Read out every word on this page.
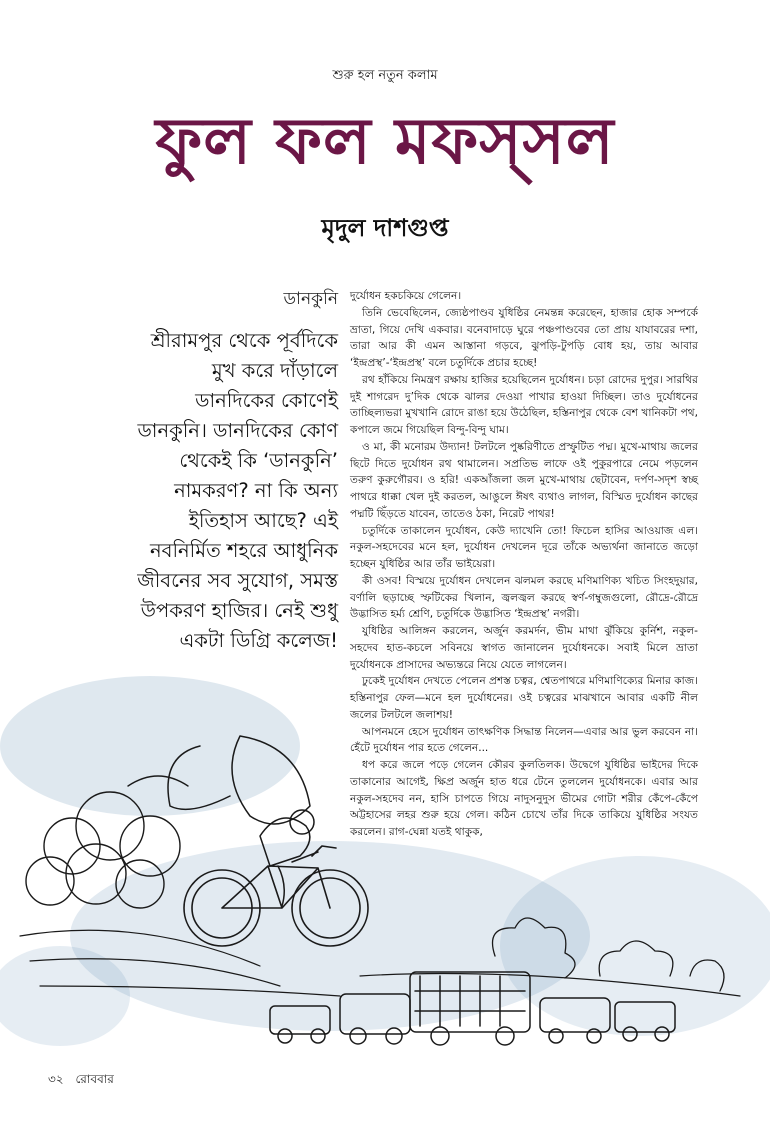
শুরু হল নতুন কলাম
ফুল ফল মফস্‌সল
মৃদুল দাশগুপ্ত
ডানকুনি
শ্রীরামপুর থেকে পূর্বদিকে মুখ করে দাঁড়ালে ডানদিকের কোণেই ডানকুনি। ডানদিকের কোণ থেকেই কি ‘ডানকুনি’ নামকরণ? না কি অন্য ইতিহাস আছে? এই নবনির্মিত শহরে আধুনিক জীবনের সব সুযোগ, সমস্ত উপকরণ হাজির। নেই শুধু একটা ডিগ্রি কলেজ!

দুর্যোধন হকচকিয়ে গেলেন।

তিনি ভেবেছিলেন, জ্যেষ্ঠপাণ্ডব যুধিষ্ঠির নেমন্তন্ন করেছেন, হাজার হোক সম্পর্কে ভ্রাতা, গিয়ে দেখি একবার। বনেবাদাড়ে ঘুরে পঞ্চপাণ্ডবের তো প্রায় যাযাবরের দশা, তারা আর কী এমন আস্তানা গড়বে, ঝুপড়ি-টুপড়ি বোধ হয়, তায় আবার ‘ইন্দ্রপ্রস্থ’-‘ইন্দ্রপ্রস্থ’ বলে চতুর্দিকে প্রচার হচ্ছে!

রথ হাঁকিয়ে নিমন্ত্রণ রক্ষায় হাজির হয়েছিলেন দুর্যোধন। চড়া রোদের দুপুর। সারথির দুই শাগরেদ দু’দিক থেকে ঝালর দেওয়া পাখার হাওয়া দিচ্ছিল। তাও দুর্যোধনের তাচ্ছিল্যভরা মুখখানি রোদে রাঙা হয়ে উঠেছিল, হস্তিনাপুর থেকে বেশ খানিকটা পথ, কপালে জমে গিয়েছিল বিন্দু-বিন্দু ঘাম।

ও মা, কী মনোরম উদ্যান! টলটলে পুষ্করিণীতে প্রস্ফুটিত পদ্ম। মুখে-মাথায় জলের ছিটে দিতে দুর্যোধন রথ থামালেন। সপ্রতিভ লাফে ওই পুকুরপারে নেমে পড়লেন তরুণ কুরুগৌরব। ও হরি! একআঁজলা জল মুখে-মাথায় ছেটাবেন, দর্পণ-সদৃশ স্বচ্ছ পাথরে ধাক্কা খেল দুই করতল, আঙুলে ঈষৎ ব্যথাও লাগল, বিস্মিত দুর্যোধন কাছের পদ্মটি ছিঁড়তে যাবেন, তাতেও ঠকা, নিরেট পাথর!

চতুর্দিকে তাকালেন দুর্যোধন, কেউ দ্যাখেনি তো! ফিচেল হাসির আওয়াজ এল। নকুল-সহদেবের মনে হল, দুর্যোধন দেখলেন দূরে তাঁকে অভ্যর্থনা জানাতে জড়ো হচ্ছেন যুধিষ্ঠির আর তাঁর ভাইয়েরা।

কী ওসব! বিস্ময়ে দুর্যোধন দেখলেন ঝলমল করছে মণিমাণিক্য খচিত সিংহদুয়ার, বর্ণালি ছড়াচ্ছে স্ফটিকের খিলান, জ্বলজ্বল করছে স্বর্ণ-গম্বুজগুলো, রৌদ্রে-রৌদ্রে উদ্ভাসিত হর্ম্য শ্রেণি, চতুর্দিকে উদ্ভাসিত ‘ইন্দ্রপ্রস্থ’ নগরী।

যুধিষ্ঠির আলিঙ্গন করলেন, অর্জুন করমর্দন, ভীম মাথা ঝুঁকিয়ে কুর্নিশ, নকুল-সহদেব হাত-কচলে সবিনয়ে স্বাগত জানালেন দুর্যোধনকে। সবাই মিলে ভ্রাতা দুর্যোধনকে প্রাসাদের অভ্যন্তরে নিয়ে যেতে লাগলেন।

ঢুকেই দুর্যোধন দেখতে পেলেন প্রশস্ত চত্বর, শ্বেতপাথরে মণিমাণিক্যের মিনার কাজ। হস্তিনাপুর ফেল—মনে হল দুর্যোধনের। ওই চত্বরের মাঝখানে আবার একটি নীল জলের টলটলে জলাশয়!

আপনমনে হেসে দুর্যোধন তাৎক্ষণিক সিদ্ধান্ত নিলেন—এবার আর ভুল করবেন না। হেঁটে দুর্যোধন পার হতে গেলেন...

ধপ করে জলে পড়ে গেলেন কৌরব কুলতিলক। উদ্বেগে যুধিষ্ঠির ভাইদের দিকে তাকানোর আগেই, ক্ষিপ্র অর্জুন হাত ধরে টেনে তুললেন দুর্যোধনকে। এবার আর নকুল-সহদেব নন, হাসি চাপতে গিয়ে নাদুসনুদুস ভীমের গোটা শরীর কেঁপে-কেঁপে অট্টহাসের লহর শুরু হয়ে গেল। কঠিন চোখে তাঁর দিকে তাকিয়ে যুধিষ্ঠির সংযত করলেন। রাগ-ঘেন্না যতই থাকুক,

৩২ রোববার
